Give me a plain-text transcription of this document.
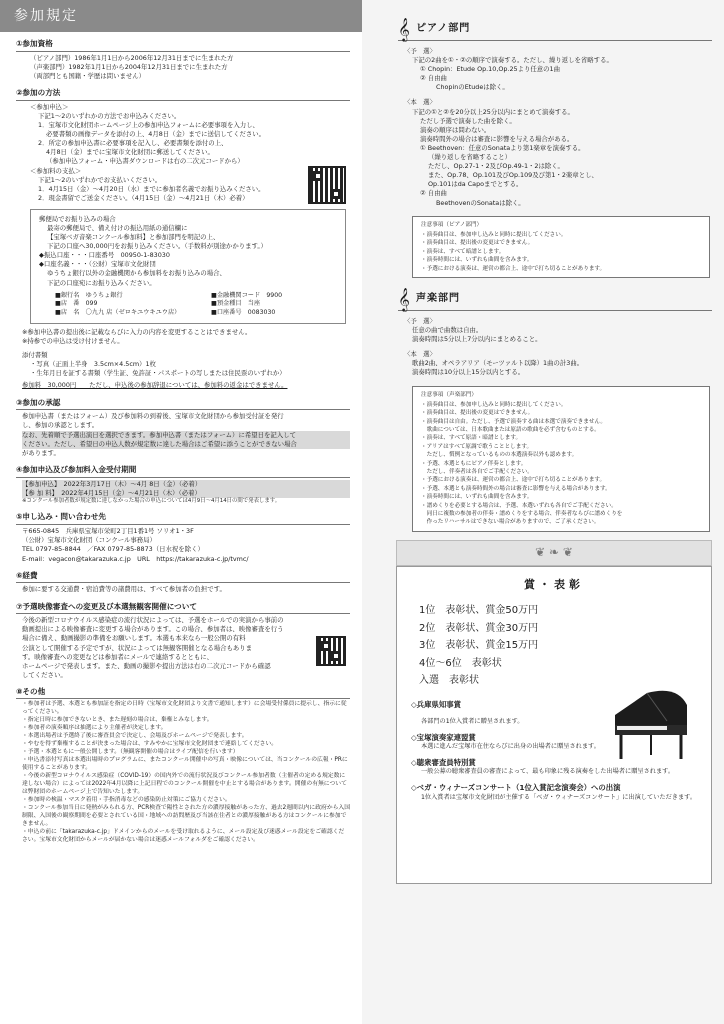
参加規定
①参加資格

（ピアノ部門）1986年1月1日から2006年12月31日までに生まれた方

（声楽部門）1982年1月1日から2004年12月31日までに生まれた方

（両部門とも国籍・学歴は問いません）

②参加の方法

＜参加申込＞

下記1～2のいずれかの方法でお申込みください。

1．宝塚市文化財団ホームページ上の参加申込フォームに必要事項を入力し、

必要書類の画像データを添付の上、4月8日（金）までに送信してください。

2．所定の参加申込書に必要事項を記入し、必要書類を添付の上、

4月8日（金）までに宝塚市文化財団に郵送してください。

（参加申込フォーム・申込書ダウンロードは右の二次元コードから）

＜参加料の支払＞

下記1～2のいずれかでお支払いください。

1．4月15日（金）～4月20日（水）までに参加者名義でお振り込みください。

2．現金書留でご送金ください。（4月15日（金）～4月21日（木）必着）

郵便局でお振り込みの場合

最寄の郵便局で、備え付けの振込用紙の通信欄に

【宝塚ベガ音楽コンクール参加料】と参加部門を明記の上、

下記の口座へ30,000円をお振り込みください。（手数料が別途かかります。）

◆振込口座・・・口座番号　00950-1-83030

◆口座名義・・・（公財）宝塚市文化財団

ゆうちょ銀行以外の金融機関から参加料をお振り込みの場合、

下記の口座宛にお振り込みください。

■銀行名　ゆうちょ銀行	■金融機関コード　9900
■店　番　099	■預金種目　当座
■店　名　〇九九 店（ゼロキユウキユウ店）	■口座番号　0083030

※参加申込書の提出後に記載ならびに入力の内容を変更することはできません。

※持参での申込は受け付けません。

添付書類

・写真（正面上半身　3.5cm×4.5cm）1枚

・生年月日を証する書類（学生証、免許証・パスポートの写しまたは住民票のいずれか）

参加料　30,000円　　ただし、申込後の参加辞退については、参加料の返金はできません。

③参加の承認

参加申込書（またはフォーム）及び参加料の到着後、宝塚市文化財団から参加受付証を発行

し、参加の承認とします。

なお、先着順で予選出演日を選択できます。参加申込書（またはフォーム）に希望日を記入して

ください。ただし、希望日の申込人数が規定数に達した場合はご希望に添うことができない場合

があります。

④参加申込及び参加料入金受付期間

【参加申込】　2022年3月17日（木）～4月 8日（金）（必着）

【参 加 料】　2022年4月15日（金）～4月21日（木）（必着）

※コンクール参加者数が規定数に達しなかった場合の申込については4月9日～4月14日の間で発表します。

⑤申し込み・問い合わせ先

〒665-0845　兵庫県宝塚市栄町2丁目1番1号 ソリオ1・3F

（公財）宝塚市文化財団（コンクール事務局）

TEL 0797-85-8844　／FAX 0797-85-8873（日水祝を除く）

E-mail：vegacon@takarazuka.c.jp　URL　https://takarazuka-c.jp/tvmc/

⑥経費

参加に要する交通費・宿泊費等の諸費用は、すべて参加者の負担です。

⑦予選映像審査への変更及び本選無観客開催について

今後の新型コロナウイルス感染症の流行状況によっては、予選をホールでの実演から事前の

動画提出による映像審査に変更する場合があります。この場合、参加者は、映像審査を行う

場合に備え、動画撮影の準備をお願いします。本選も本来なら一般公開の有料

公演として開催する予定ですが、状況によっては無観客開催となる場合もありま

す。映像審査への変更などは参加者にメールで連絡するとともに、

ホームページで発表します。また、動画の撮影や提出方法は右の二次元コードから確認

してください。

⑧その他

・参加者は予選、本選とも参加証を指定の日時（宝塚市文化財団より文書で通知します）に会場受付係員に提示し、指示に従ってください。

・指定日時に参加できないとき、また遅刻の場合は、棄権とみなします。

・参加者の演奏順序は抽選により主催者が決定します。

・本選出場者は予選終了後に審査員会で決定し、会場及びホームページで発表します。

・やむを得ず棄権することが決まった場合は、すみやかに宝塚市文化財団まで連絡してください。

・予選・本選ともに一般公開します。（無観客開催の場合はライブ配信を行います）

・申込書添付写真は本選出場時のプログラムに、またコンクール開催中の写真・映像については、当コンクールの広報・PRに使用することがあります。

・今後の新型コロナウイルス感染症（COVID-19）の国内外での流行状況及びコンクール参加者数（主催者の定める規定数に達しない場合）によっては2022年4月以降に上記日程でのコンクール開催を中止とする場合があります。開催の有無については弊財団のホームページ上で告知いたします。

・参加時の検温・マスク着用・手指消毒などの感染防止対策にご協力ください。

・コンクール参加当日に発熱がみられる方、PCR検査で陽性とされた方の濃厚接触があった方、過去2週間以内に政府から入国制限、入国後の観察期間を必要とされている国・地域への訪問歴及び当該在住者との濃厚接触がある方はコンクールに参加できません。

・申込の前に「takarazuka-c.jp」ドメインからのメールを受け取れるように、メール設定及び迷惑メール設定をご確認ください。宝塚市文化財団からメールが届かない場合は迷惑メールフォルダをご確認ください。

𝄞 ピアノ部門

〈予　選〉

下記の2曲を①・②の順序で演奏する。ただし、繰り返しを省略する。

① Chopin：Etude Op.10,Op.25より任意の1曲

② 自由曲

ChopinのEtudeは除く。

〈本　選〉

下記の①と②を20分以上25分以内にまとめて演奏する。

ただし予選で演奏した曲を除く。

演奏の順序は問わない。

演奏時間外の場合は審査に影響を与える場合がある。

① Beethoven：任意のSonataより第1楽章を演奏する。

（繰り返しを省略すること）

ただし、Op.27-1・2及びOp.49-1・2は除く。

また、Op.78、Op.101及びOp.109及び第1・2楽章とし、

Op.101はda Capoまでとする。

② 自由曲

BeethovenのSonataは除く。

注意事項（ピアノ部門）

・演奏曲目は、参加申し込みと同時に提出してください。

・演奏曲目は、提出後の変更はできません。

・演奏は、すべて暗譜とします。

・演奏時間には、いずれも曲間を含みます。

・予選における演奏は、運営の都合上、途中で打ち切ることがあります。

𝄞 声楽部門

〈予　選〉

任意の曲で曲数は自由。

演奏時間は5分以上7分以内にまとめること。

〈本　選〉

歌曲2曲、オペラアリア（モーツァルト以降）1曲の計3曲。

演奏時間は10分以上15分以内とする。

注意事項（声楽部門）

・演奏曲目は、参加申し込みと同時に提出してください。

・演奏曲目は、提出後の変更はできません。

・演奏曲目は自由。ただし、予選で演奏する曲は本選で演奏できません。

　歌曲については、日本歌曲または原語の歌曲を必ず含むものとする。

・演奏は、すべて原語・暗譜とします。

・アリアはすべて原調で歌うこととします。

　ただし、慣例となっているものの本選演奏以外も認めます。

・予選、本選ともにピアノ伴奏とします。

　ただし、伴奏者は各自でご手配ください。

・予選における演奏は、運営の都合上、途中で打ち切ることがあります。

・予選、本選とも演奏時間外の場合は審査に影響を与える場合があります。

・演奏時間には、いずれも曲間を含みます。

・譜めくりを必要とする場合は、予選、本選いずれも各自でご手配ください。

　同日に複数の参加者の伴奏・譜めくりをする場合、伴奏者ならびに譜めくりを

　作ったリハーサルはできない場合がありますので、ご了承ください。

❦ ❧ ❦
賞・表彰
1位　表彰状、賞金50万円
2位　表彰状、賞金30万円
3位　表彰状、賞金15万円
4位～6位　表彰状
入選　表彰状

◇兵庫県知事賞

各部門の1位入賞者に贈呈されます。

◇宝塚演奏家連盟賞

本選に進んだ宝塚市在住ならびに出身の出場者に贈呈されます。

◇聴衆審査員特別賞

一般公募の聴衆審査員の審査によって、最も印象に残る演奏をした出場者に贈呈されます。

◇ベガ・ウィナーズコンサート（1位入賞記念演奏会）への出演

1位入賞者は宝塚市文化財団が主催する「ベガ・ウィナーズコンサート」に出演していただきます。
